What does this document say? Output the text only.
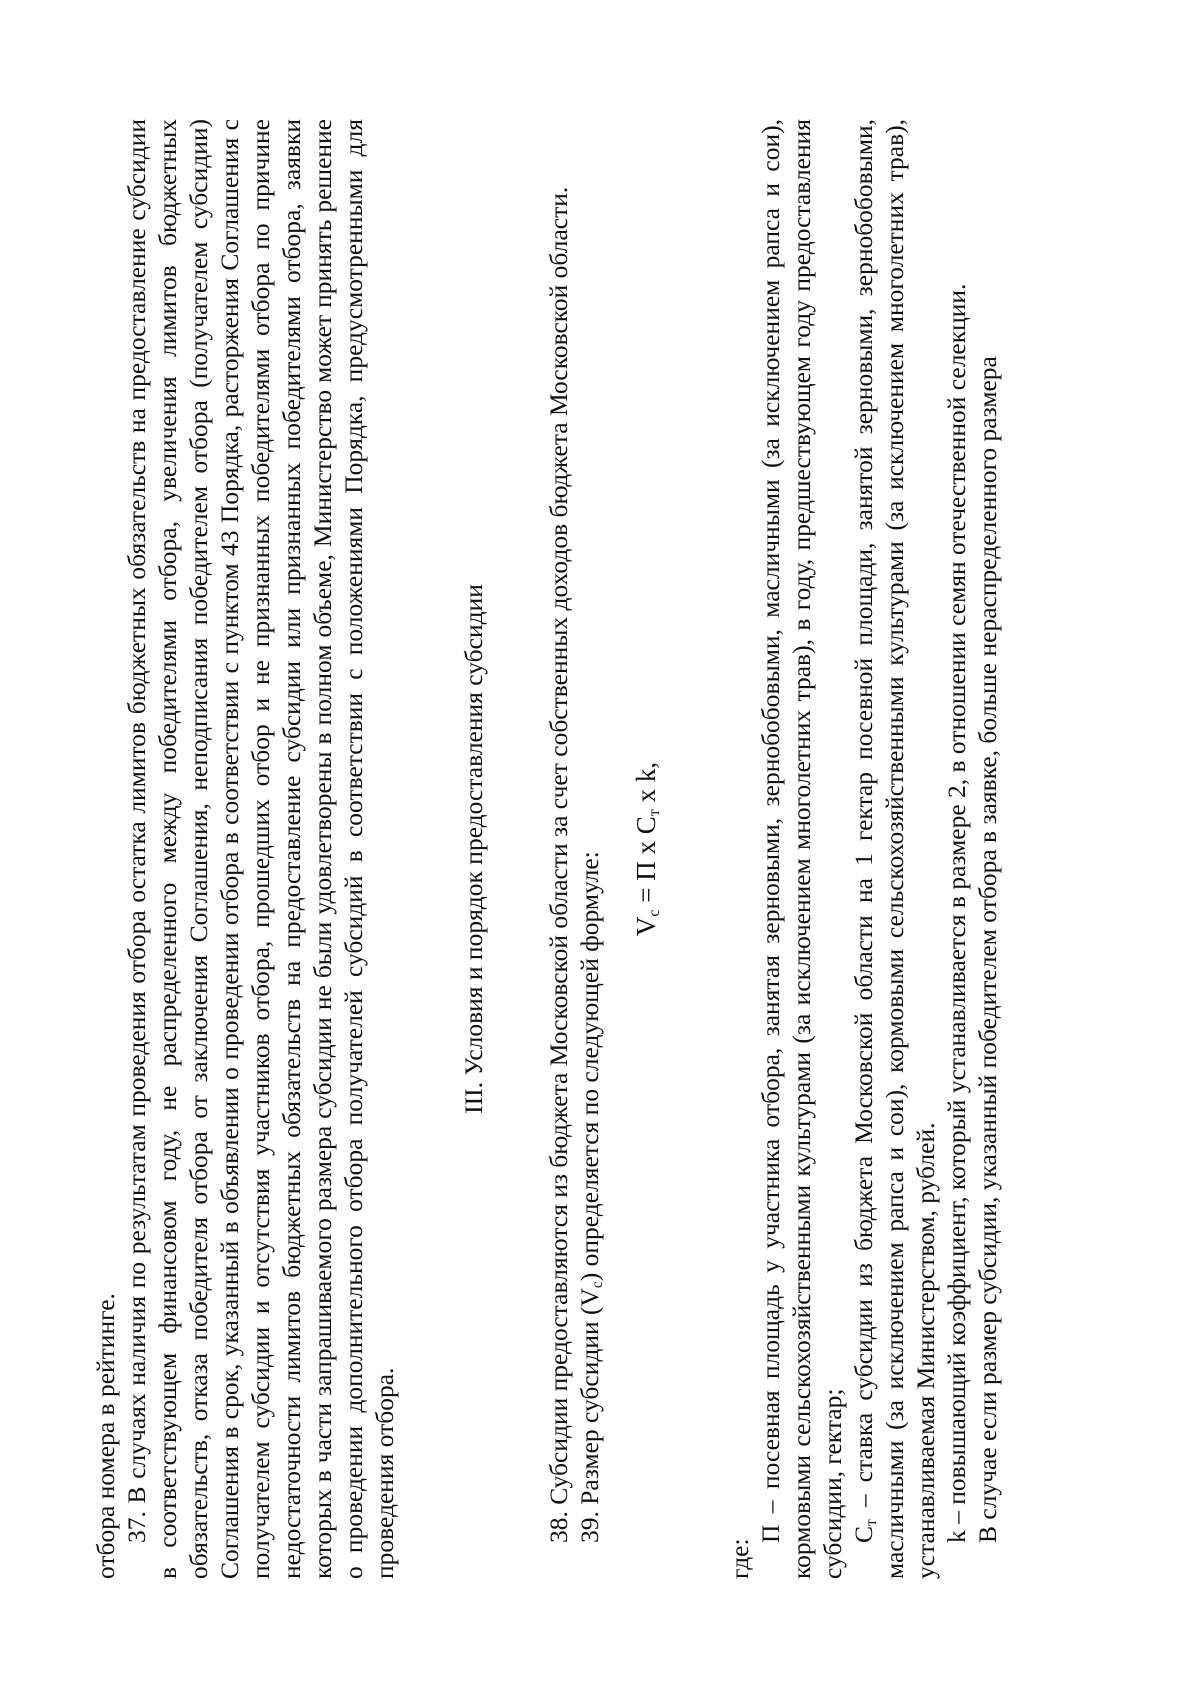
отбора номера в рейтинге. 37. В случаях наличия по результатам проведения отбора остатка лимитов бюджетных обязательств на предоставление субсидии в соответствующем финансовом году, не распределенного между победителями отбора, увеличения лимитов бюджетных обязательств, отказа победителя отбора от заключения Соглашения, неподписания победителем отбора (получателем субсидии) Соглашения в срок, указанный в объявлении о проведении отбора в соответствии с пунктом 43 Порядка, расторжения Соглашения с получателем субсидии и отсутствия участников отбора, прошедших отбор и не признанных победителями отбора по причине недостаточности лимитов бюджетных обязательств на предоставление субсидии или признанных победителями отбора, заявки которых в части запрашиваемого размера субсидии не были удовлетворены в полном объеме, Министерство может принять решение о проведении дополнительного отбора получателей субсидий в соответствии с положениями Порядка, предусмотренными для проведения отбора.

III. Условия и порядок предоставления субсидии 38. Субсидии предоставляются из бюджета Московской области за счет собственных доходов бюджета Московской области. 39. Размер субсидии $(V_с)$ определяется по следующей формуле: $V_с = П$ x $С_т$ x k,

где:

П – посевная площадь у участника отбора, занятая зерновыми, зернобобовыми, масличными (за исключением рапса и сои), кормовыми сельскохозяйственными культурами (за исключением многолетних трав), в году, предшествующем году предоставления субсидии, гектар; $С_т$ – ставка субсидии из бюджета Московской области на 1 гектар посевной площади, занятой зерновыми, зернобобовыми, масличными (за исключением рапса и сои), кормовыми сельскохозяйственными культурами (за исключением многолетних трав), устанавливаемая Министерством, рублей. k – повышающий коэффициент, который устанавливается в размере 2, в отношении семян отечественной селекции. В случае если размер субсидии, указанный победителем отбора в заявке, больше нераспределенного размера
